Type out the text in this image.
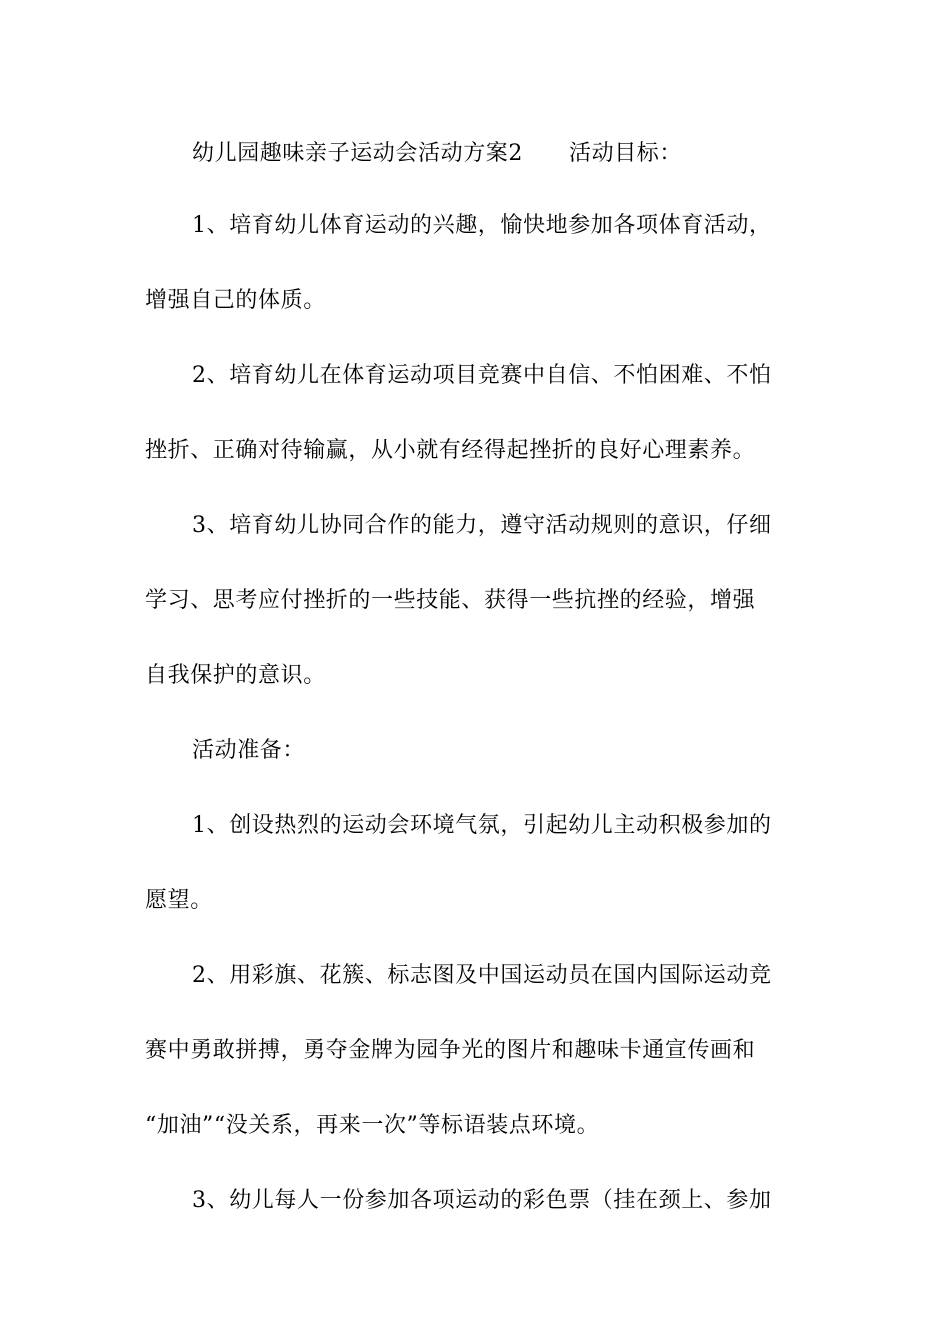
幼儿园趣味亲子运动会活动方案2 活动目标：
1、培育幼儿体育运动的兴趣，愉快地参加各项体育活动，
增强自己的体质。
2、培育幼儿在体育运动项目竞赛中自信、不怕困难、不怕
挫折、正确对待输赢，从小就有经得起挫折的良好心理素养。
3、培育幼儿协同合作的能力，遵守活动规则的意识，仔细
学习、思考应付挫折的一些技能、获得一些抗挫的经验，增强
自我保护的意识。
活动准备：
1、创设热烈的运动会环境气氛，引起幼儿主动积极参加的
愿望。
2、用彩旗、花簇、标志图及中国运动员在国内国际运动竞
赛中勇敢拼搏，勇夺金牌为园争光的图片和趣味卡通宣传画和
“加油”“没关系，再来一次”等标语装点环境。
3、幼儿每人一份参加各项运动的彩色票（挂在颈上、参加
